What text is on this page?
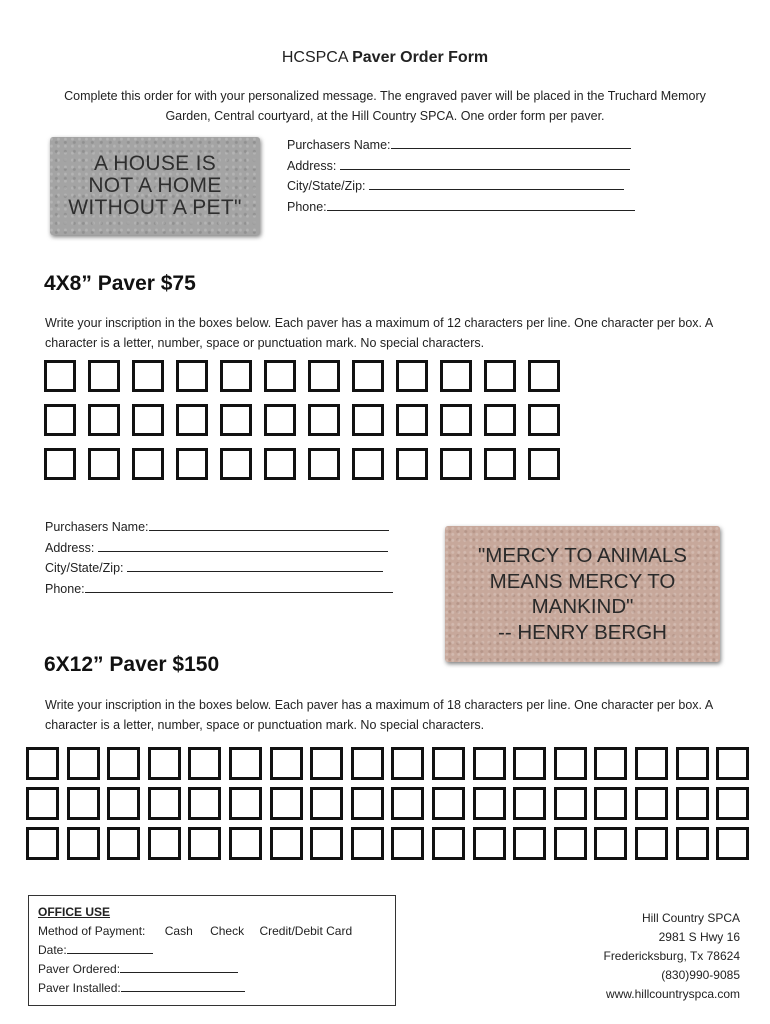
HCSPCA Paver Order Form
Complete this order for with your personalized message. The engraved paver will be placed in the Truchard Memory Garden, Central courtyard, at the Hill Country SPCA. One order form per paver.
A HOUSE IS
NOT A HOME
WITHOUT A PET"
Purchasers Name:
Address:
City/State/Zip:
Phone:
4X8” Paver $75
Write your inscription in the boxes below. Each paver has a maximum of 12 characters per line. One character per box. A character is a letter, number, space or punctuation mark. No special characters.
Purchasers Name:
Address:
City/State/Zip:
Phone:
"MERCY TO ANIMALS
MEANS MERCY TO
MANKIND"
-- HENRY BERGH
6X12” Paver $150
Write your inscription in the boxes below. Each paver has a maximum of 18 characters per line. One character per box. A character is a letter, number, space or punctuation mark. No special characters.
OFFICE USE
Method of Payment: Cash Check Credit/Debit Card
Date:
Paver Ordered:
Paver Installed:
Hill Country SPCA
2981 S Hwy 16
Fredericksburg, Tx 78624
(830)990-9085
www.hillcountryspca.com
